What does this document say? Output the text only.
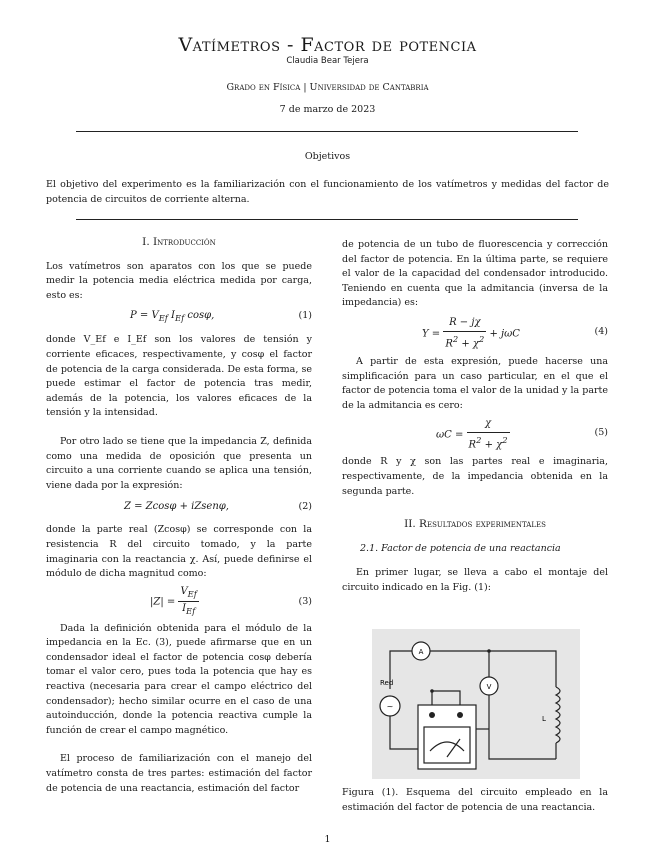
Vatímetros - Factor de potencia
Claudia Bear Tejera
Grado en Física | Universidad de Cantabria
7 de marzo de 2023
Objetivos
El objetivo del experimento es la familiarización con el funcionamiento de los vatímetros y medidas del factor de potencia de circuitos de corriente alterna.
I. Introducción

Los vatímetros son aparatos con los que se puede medir la potencia media eléctrica medida por carga, esto es:

$P = V_{Ef}$ $I_{Ef}$ cosφ,	(1)

donde V_Ef e I_Ef son los valores de tensión y corriente eficaces, respectivamente, y cosφ el factor de potencia de la carga considerada. De esta forma, se puede estimar el factor de potencia tras medir, además de la potencia, los valores eficaces de la tensión y la intensidad.

Por otro lado se tiene que la impedancia Z, definida como una medida de oposición que presenta un circuito a una corriente cuando se aplica una tensión, viene dada por la expresión:

Z = Zcosφ + iZsenφ,	(2)

donde la parte real (Zcosφ) se corresponde con la resistencia R del circuito tomado, y la parte imaginaria con la reactancia χ. Así, puede definirse el módulo de dicha magnitud como:

$|Z| = \frac{V_{Ef}}{I_{Ef}}$	(3)

Dada la definición obtenida para el módulo de la impedancia en la Ec. (3), puede afirmarse que en un condensador ideal el factor de potencia cosφ debería tomar el valor cero, pues toda la potencia que hay es reactiva (necesaria para crear el campo eléctrico del condensador); hecho similar ocurre en el caso de una autoinducción, donde la potencia reactiva cumple la función de crear el campo magnético.

El proceso de familiarización con el manejo del vatímetro consta de tres partes: estimación del factor de potencia de una reactancia, estimación del factor

de potencia de un tubo de fluorescencia y corrección del factor de potencia. En la última parte, se requiere el valor de la capacidad del condensador introducido. Teniendo en cuenta que la admitancia (inversa de la impedancia) es:

$Y = \frac{R - j\chi}{R^2 + \chi^2} + j\omega C$	(4)

A partir de esta expresión, puede hacerse una simplificación para un caso particular, en el que el factor de potencia toma el valor de la unidad y la parte de la admitancia es cero:

$\omega C = \frac{\chi}{R^2 + \chi^2}$	(5)

donde R y χ son las partes real e imaginaria, respectivamente, de la impedancia obtenida en la segunda parte.

II. Resultados experimentales
2.1. Factor de potencia de una reactancia

En primer lugar, se lleva a cabo el montaje del circuito indicado en la Fig. (1):

A
V
Red
L
~
Figura (1). Esquema del circuito empleado en la estimación del factor de potencia de una reactancia.
1
